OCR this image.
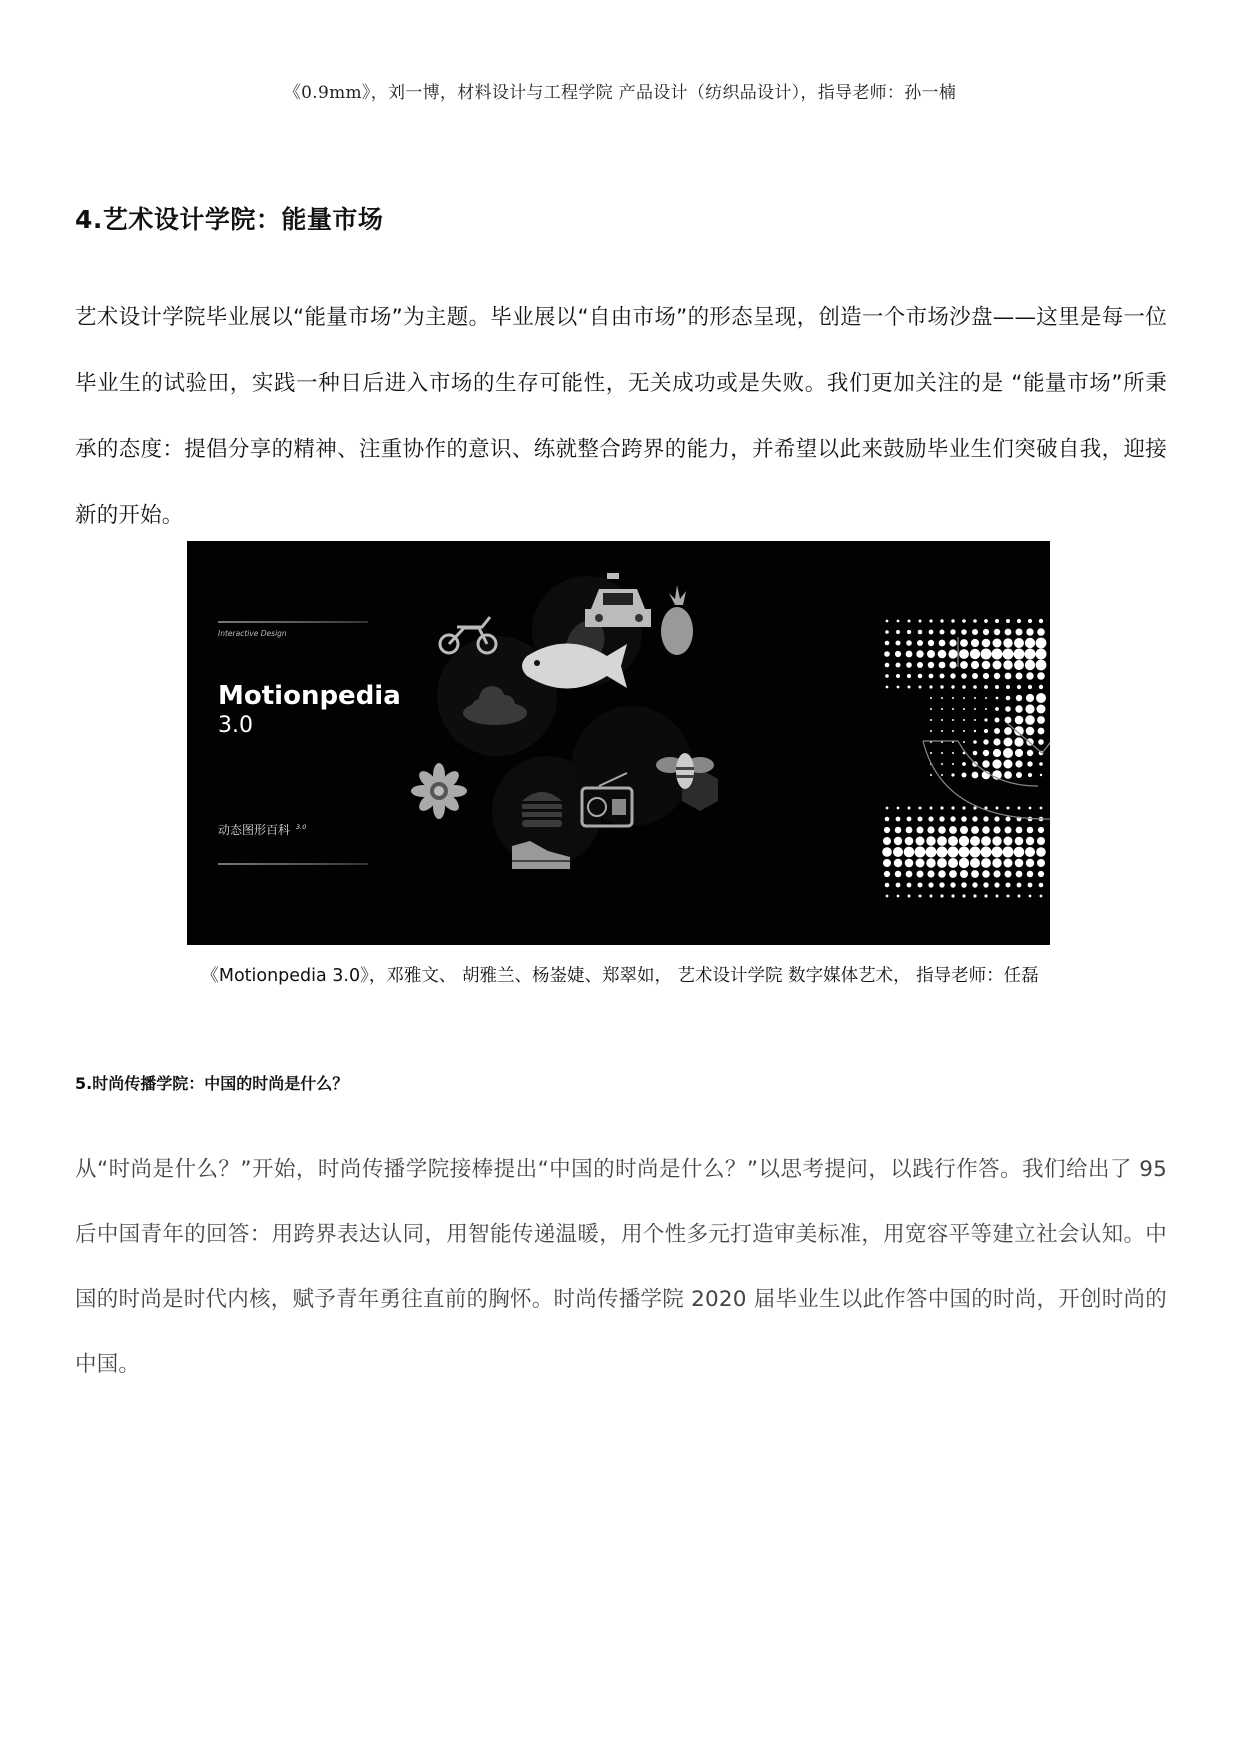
《0.9mm》，刘一博，材料设计与工程学院 产品设计（纺织品设计），指导老师：孙一楠
4.艺术设计学院：能量市场
艺术设计学院毕业展以“能量市场”为主题。毕业展以“自由市场”的形态呈现，创造一个市场沙盘——这里是每一位毕业生的试验田，实践一种日后进入市场的生存可能性，无关成功或是失败。我们更加关注的是 “能量市场”所秉承的态度：提倡分享的精神、注重协作的意识、练就整合跨界的能力，并希望以此来鼓励毕业生们突破自我，迎接新的开始。
Interactive Design
Motionpedia
3.0
动态图形百科 $^{3.0}$
《Motionpedia 3.0》，邓雅文、 胡雅兰、杨崟婕、郑翠如， 艺术设计学院 数字媒体艺术， 指导老师：任磊
5.时尚传播学院：中国的时尚是什么？
从“时尚是什么？”开始，时尚传播学院接棒提出“中国的时尚是什么？”以思考提问，以践行作答。我们给出了 95 后中国青年的回答：用跨界表达认同，用智能传递温暖，用个性多元打造审美标准，用宽容平等建立社会认知。中国的时尚是时代内核，赋予青年勇往直前的胸怀。时尚传播学院 2020 届毕业生以此作答中国的时尚，开创时尚的中国。
